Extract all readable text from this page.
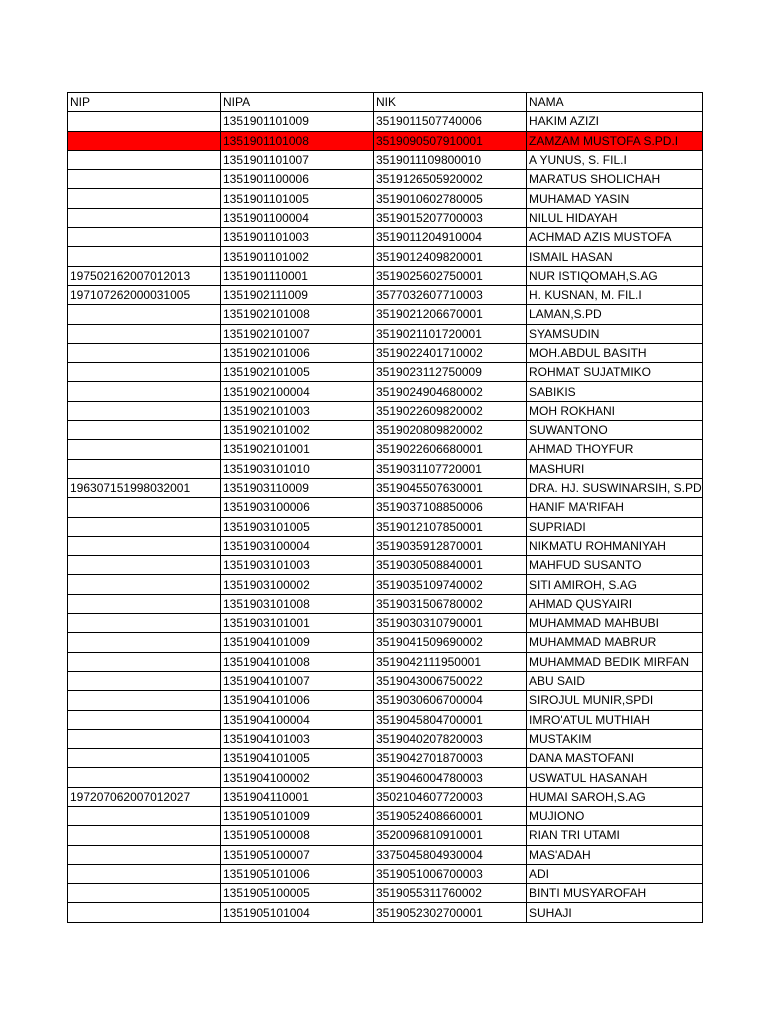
NIP	NIPA	NIK	NAMA
	1351901101009	3519011507740006	HAKIM AZIZI
	1351901101008	3519090507910001	ZAMZAM MUSTOFA S.PD.I
	1351901101007	3519011109800010	A YUNUS, S. FIL.I
	1351901100006	3519126505920002	MARATUS SHOLICHAH
	1351901101005	3519010602780005	MUHAMAD YASIN
	1351901100004	3519015207700003	NILUL HIDAYAH
	1351901101003	3519011204910004	ACHMAD AZIS MUSTOFA
	1351901101002	3519012409820001	ISMAIL HASAN
197502162007012013	1351901110001	3519025602750001	NUR ISTIQOMAH,S.AG
197107262000031005	1351902111009	3577032607710003	H. KUSNAN, M. FIL.I
	1351902101008	3519021206670001	LAMAN,S.PD
	1351902101007	3519021101720001	SYAMSUDIN
	1351902101006	3519022401710002	MOH.ABDUL BASITH
	1351902101005	3519023112750009	ROHMAT SUJATMIKO
	1351902100004	3519024904680002	SABIKIS
	1351902101003	3519022609820002	MOH ROKHANI
	1351902101002	3519020809820002	SUWANTONO
	1351902101001	3519022606680001	AHMAD THOYFUR
	1351903101010	3519031107720001	MASHURI
196307151998032001	1351903110009	3519045507630001	DRA. HJ. SUSWINARSIH, S.PD
	1351903100006	3519037108850006	HANIF MA'RIFAH
	1351903101005	3519012107850001	SUPRIADI
	1351903100004	3519035912870001	NIKMATU ROHMANIYAH
	1351903101003	3519030508840001	MAHFUD SUSANTO
	1351903100002	3519035109740002	SITI AMIROH, S.AG
	1351903101008	3519031506780002	AHMAD QUSYAIRI
	1351903101001	3519030310790001	MUHAMMAD MAHBUBI
	1351904101009	3519041509690002	MUHAMMAD MABRUR
	1351904101008	3519042111950001	MUHAMMAD BEDIK MIRFAN
	1351904101007	3519043006750022	ABU SAID
	1351904101006	3519030606700004	SIROJUL MUNIR,SPDI
	1351904100004	3519045804700001	IMRO'ATUL MUTHIAH
	1351904101003	3519040207820003	MUSTAKIM
	1351904101005	3519042701870003	DANA MASTOFANI
	1351904100002	3519046004780003	USWATUL HASANAH
197207062007012027	1351904110001	3502104607720003	HUMAI SAROH,S.AG
	1351905101009	3519052408660001	MUJIONO
	1351905100008	3520096810910001	RIAN TRI UTAMI
	1351905100007	3375045804930004	MAS'ADAH
	1351905101006	3519051006700003	ADI
	1351905100005	3519055311760002	BINTI MUSYAROFAH
	1351905101004	3519052302700001	SUHAJI
